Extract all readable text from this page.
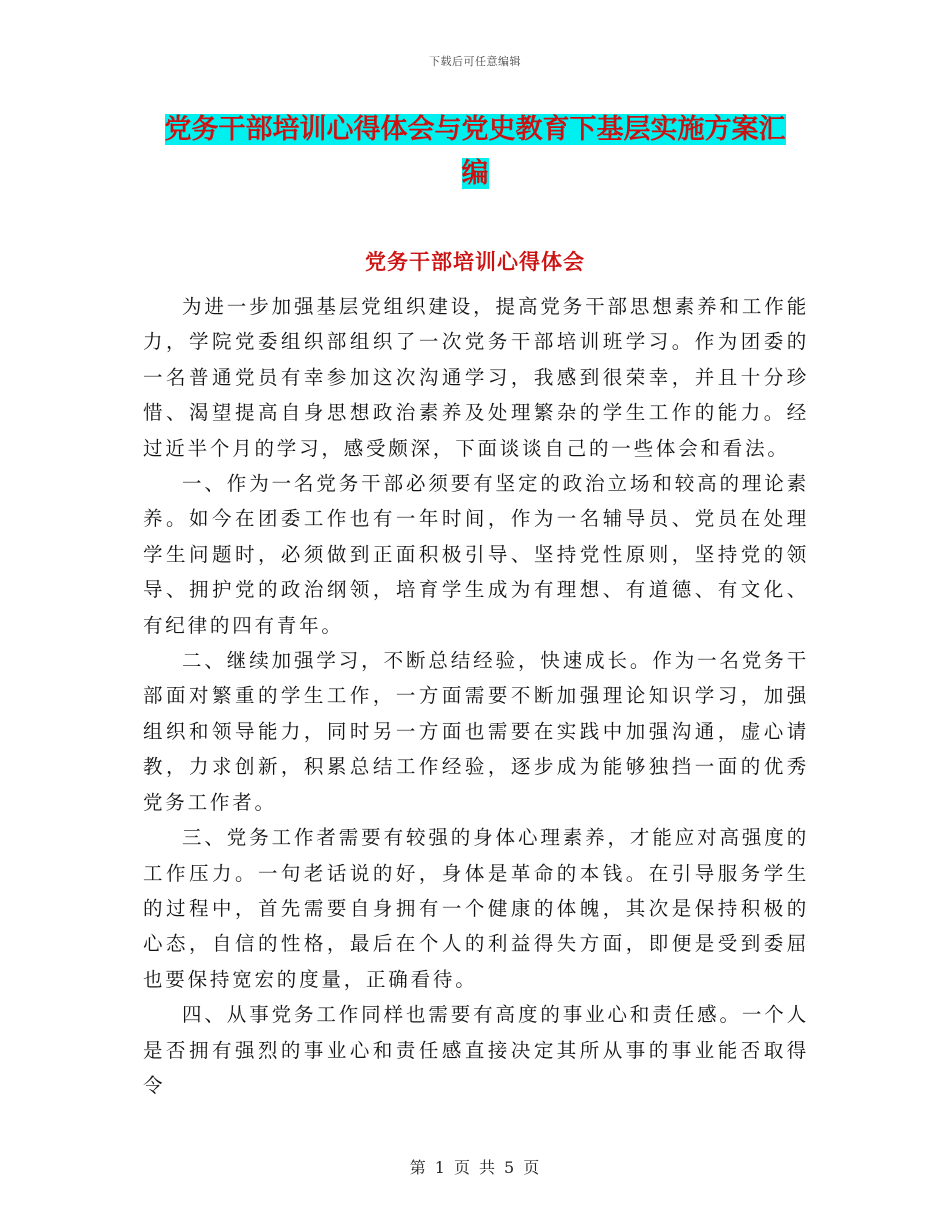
下载后可任意编辑
党务干部培训心得体会与党史教育下基层实施方案汇
编
党务干部培训心得体会

为进一步加强基层党组织建设，提高党务干部思想素养和工作能力，学院党委组织部组织了一次党务干部培训班学习。作为团委的一名普通党员有幸参加这次沟通学习，我感到很荣幸，并且十分珍惜、渴望提高自身思想政治素养及处理繁杂的学生工作的能力。经过近半个月的学习，感受颇深，下面谈谈自己的一些体会和看法。

一、作为一名党务干部必须要有坚定的政治立场和较高的理论素养。如今在团委工作也有一年时间，作为一名辅导员、党员在处理学生问题时，必须做到正面积极引导、坚持党性原则，坚持党的领导、拥护党的政治纲领，培育学生成为有理想、有道德、有文化、有纪律的四有青年。

二、继续加强学习，不断总结经验，快速成长。作为一名党务干部面对繁重的学生工作，一方面需要不断加强理论知识学习，加强组织和领导能力，同时另一方面也需要在实践中加强沟通，虚心请教，力求创新，积累总结工作经验，逐步成为能够独挡一面的优秀党务工作者。

三、党务工作者需要有较强的身体心理素养，才能应对高强度的工作压力。一句老话说的好，身体是革命的本钱。在引导服务学生的过程中，首先需要自身拥有一个健康的体魄，其次是保持积极的心态，自信的性格，最后在个人的利益得失方面，即便是受到委屈也要保持宽宏的度量，正确看待。

四、从事党务工作同样也需要有高度的事业心和责任感。一个人是否拥有强烈的事业心和责任感直接决定其所从事的事业能否取得令

第 1 页 共 5 页
